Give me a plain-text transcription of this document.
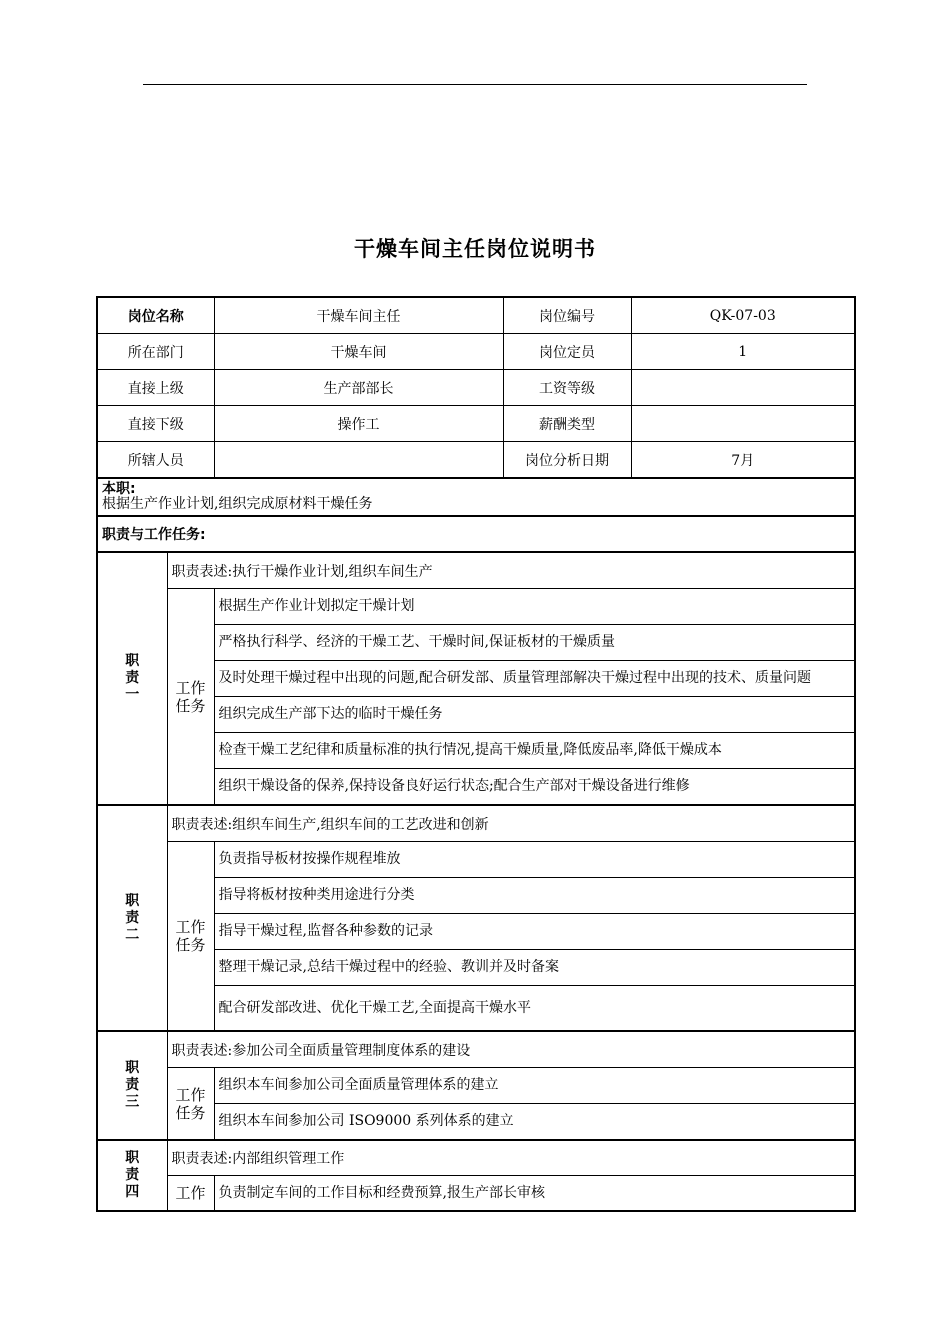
干燥车间主任岗位说明书
岗位名称		干燥车间主任	岗位编号	QK-07-03
所在部门		干燥车间	岗位定员	1
直接上级		生产部部长	工资等级	
直接下级		操作工	薪酬类型	
所辖人员			岗位分析日期	7月

本职:
根据生产作业计划,组织完成原材料干燥任务				

职责与工作任务:				
职责一	职责表述:执行干燥作业计划,组织车间生产			
	工作任务	根据生产作业计划拟定干燥计划		
		严格执行科学、经济的干燥工艺、干燥时间,保证板材的干燥质量		
		及时处理干燥过程中出现的问题,配合研发部、质量管理部解决干燥过程中出现的技术、质量问题		
		组织完成生产部下达的临时干燥任务		
		检查干燥工艺纪律和质量标准的执行情况,提高干燥质量,降低废品率,降低干燥成本		
		组织干燥设备的保养,保持设备良好运行状态;配合生产部对干燥设备进行维修		
职责二	职责表述:组织车间生产,组织车间的工艺改进和创新			
	工作任务	负责指导板材按操作规程堆放		
		指导将板材按种类用途进行分类		
		指导干燥过程,监督各种参数的记录		
		整理干燥记录,总结干燥过程中的经验、教训并及时备案		
		配合研发部改进、优化干燥工艺,全面提高干燥水平		
职责三	职责表述:参加公司全面质量管理制度体系的建设			
	工作任务	组织本车间参加公司全面质量管理体系的建立		
		组织本车间参加公司 ISO9000 系列体系的建立		
职责四	职责表述:内部组织管理工作			
	工作	负责制定车间的工作目标和经费预算,报生产部长审核		
